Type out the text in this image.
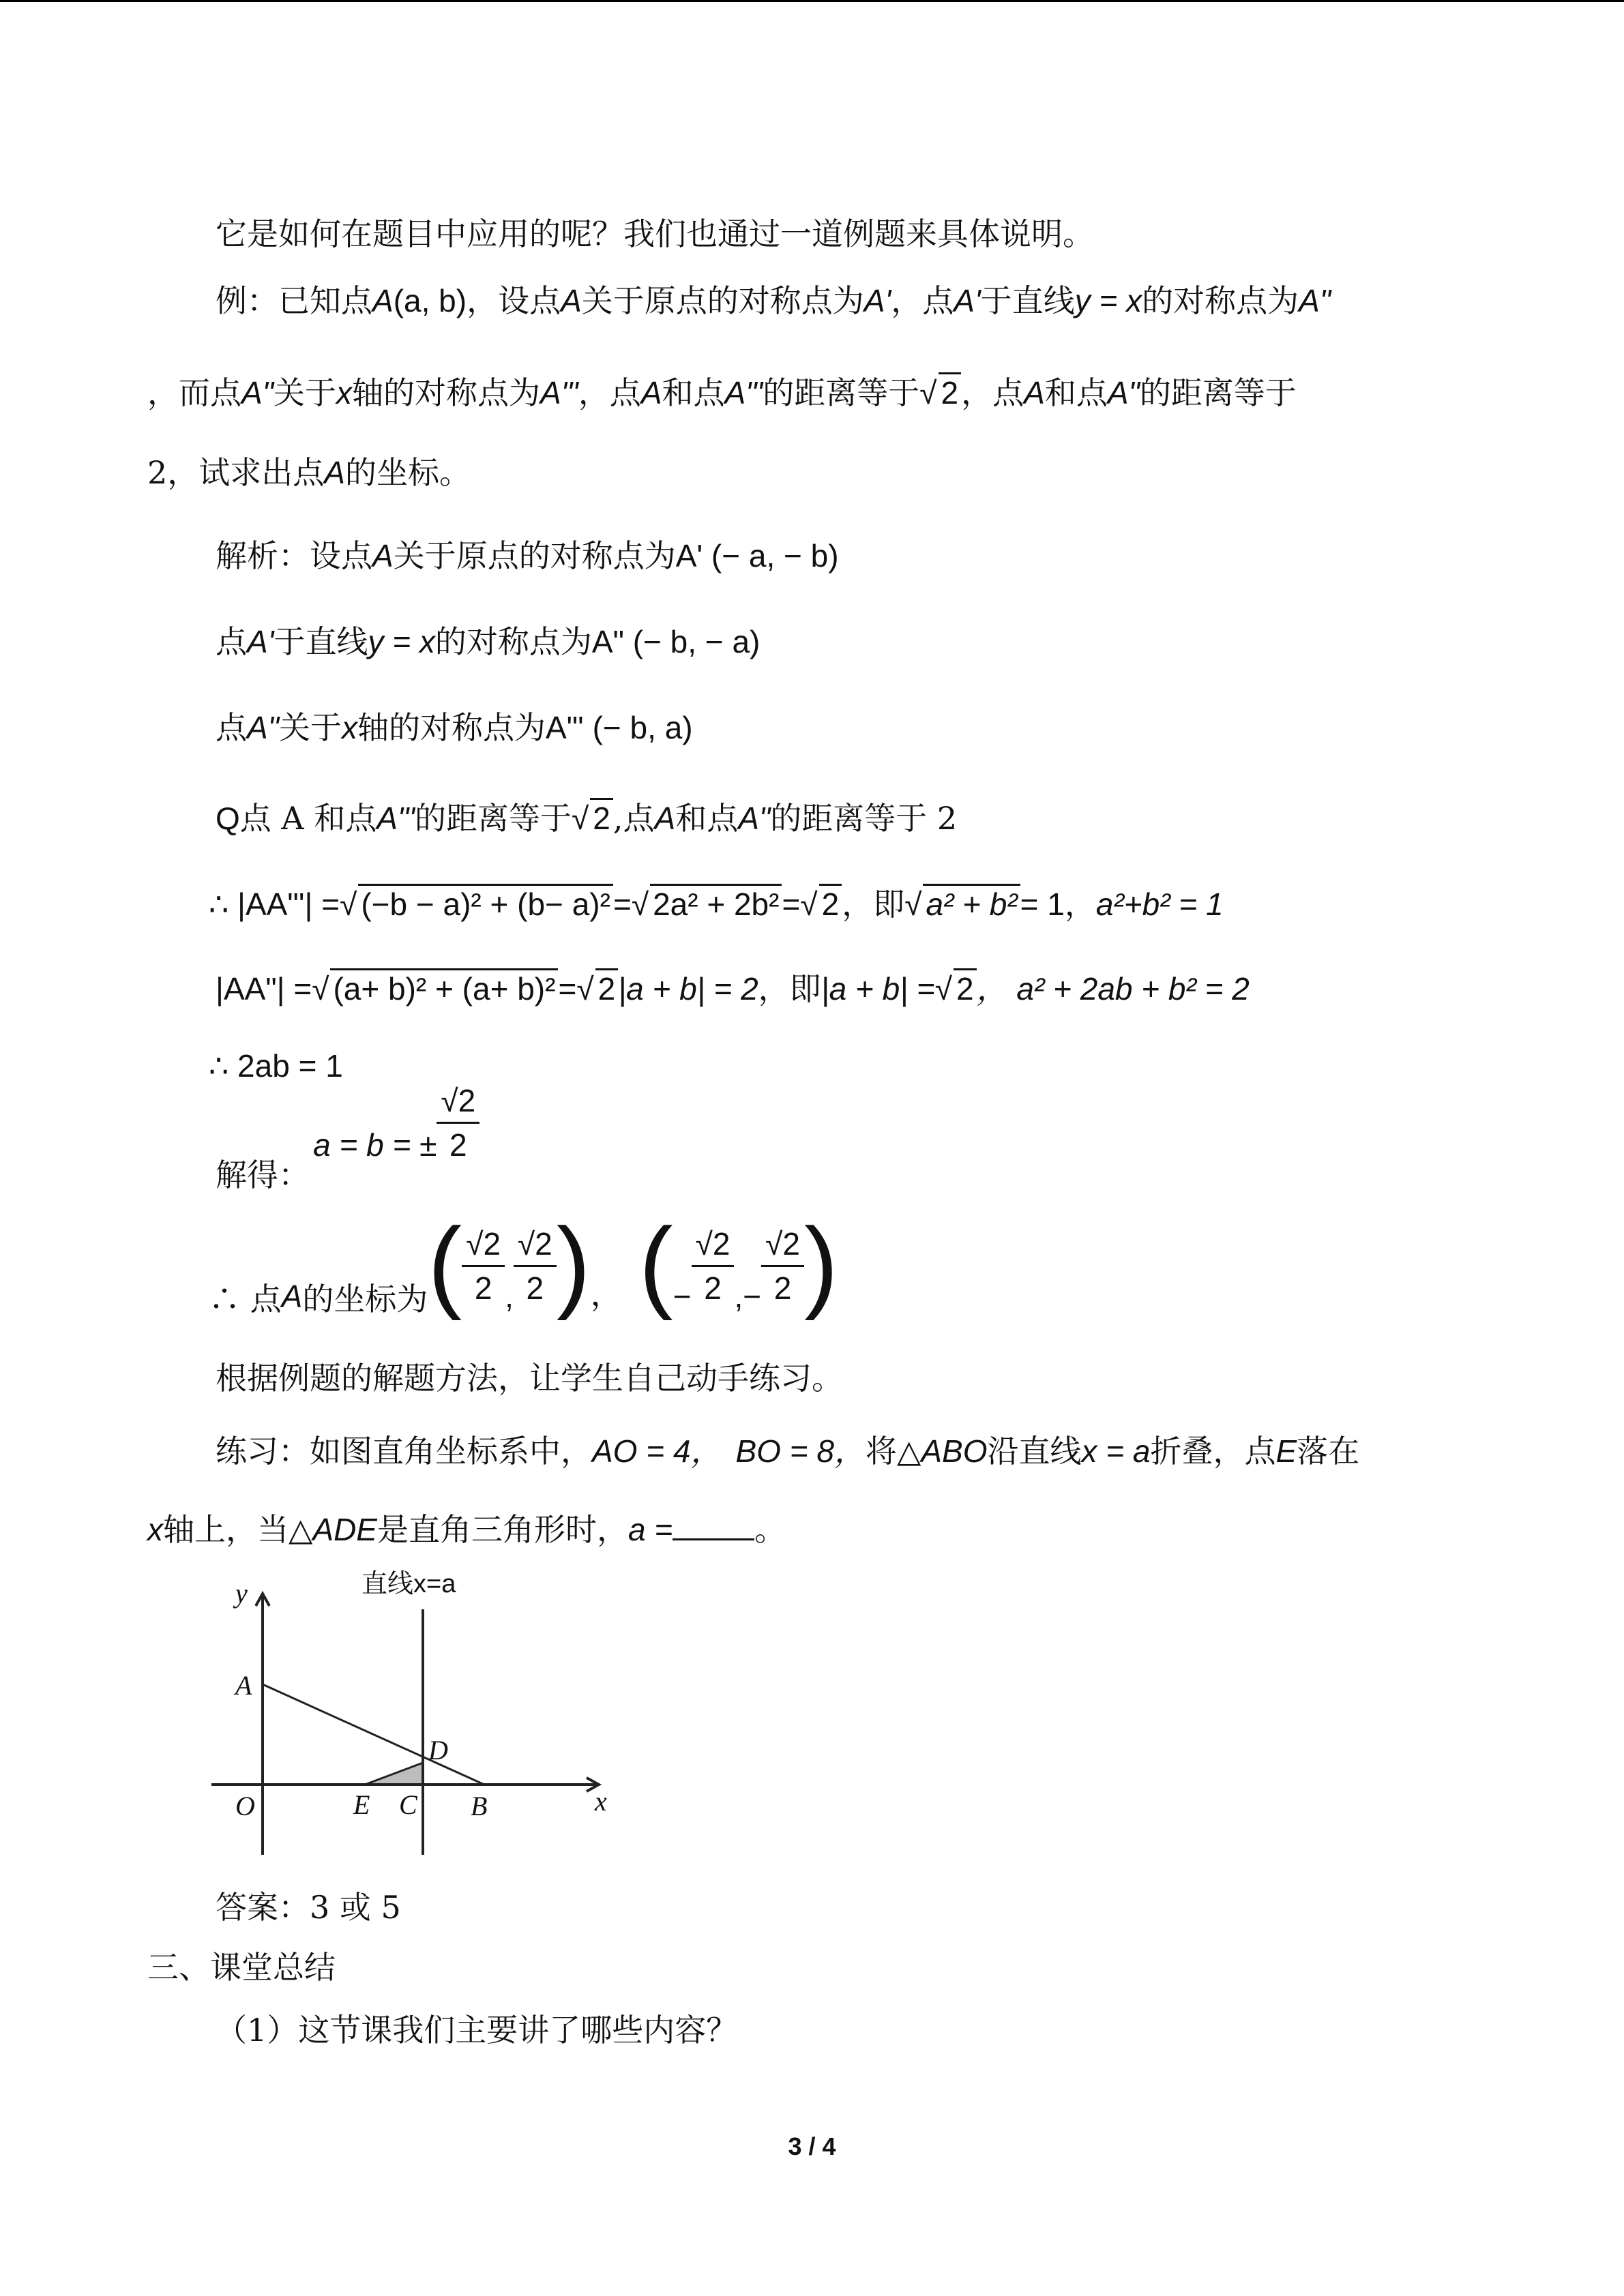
它是如何在题目中应用的呢？我们也通过一道例题来具体说明。
例：已知点A(a, b)，设点A关于原点的对称点为A'，点A'于直线y = x的对称点为A"
，而点A"关于x轴的对称点为A"'，点A和点A"'的距离等于√ 2，点A和点A"的距离等于
2，试求出点A的坐标。
解析：设点A关于原点的对称点为A' (− a, − b)
点A'于直线y = x的对称点为A" (− b, − a)
点A"关于x轴的对称点为A"' (− b, a)
Q点 A 和点A"'的距离等于√ 2,点A和点A"的距离等于 2
∴ |AA"'| =√ (−b − a)² + (b− a)²=√ 2a² + 2b²=√ 2，即√ a² + b²= 1，a²+b² = 1
|AA"| =√ (a+ b)² + (a+ b)²=√ 2|a + b| = 2，即|a + b| =√ 2， a² + 2ab + b² = 2
∴ 2ab = 1
解得： a = b = ± $\frac{√2}{2}$
∴ 点A的坐标为( $\frac{√2}{2}$ , $\frac{√2}{2}$ )， (− $\frac{√2}{2}$ ,− $\frac{√2}{2}$ )
根据例题的解题方法，让学生自己动手练习。
练习：如图直角坐标系中，AO = 4， BO = 8，将△ABO沿直线x = a折叠，点E落在
x轴上，当△ADE是直角三角形时，a =	。
直线x=a
y
x
A
O
D
E C B
答案：3 或 5
三、课堂总结
（1）这节课我们主要讲了哪些内容？
3 / 4
